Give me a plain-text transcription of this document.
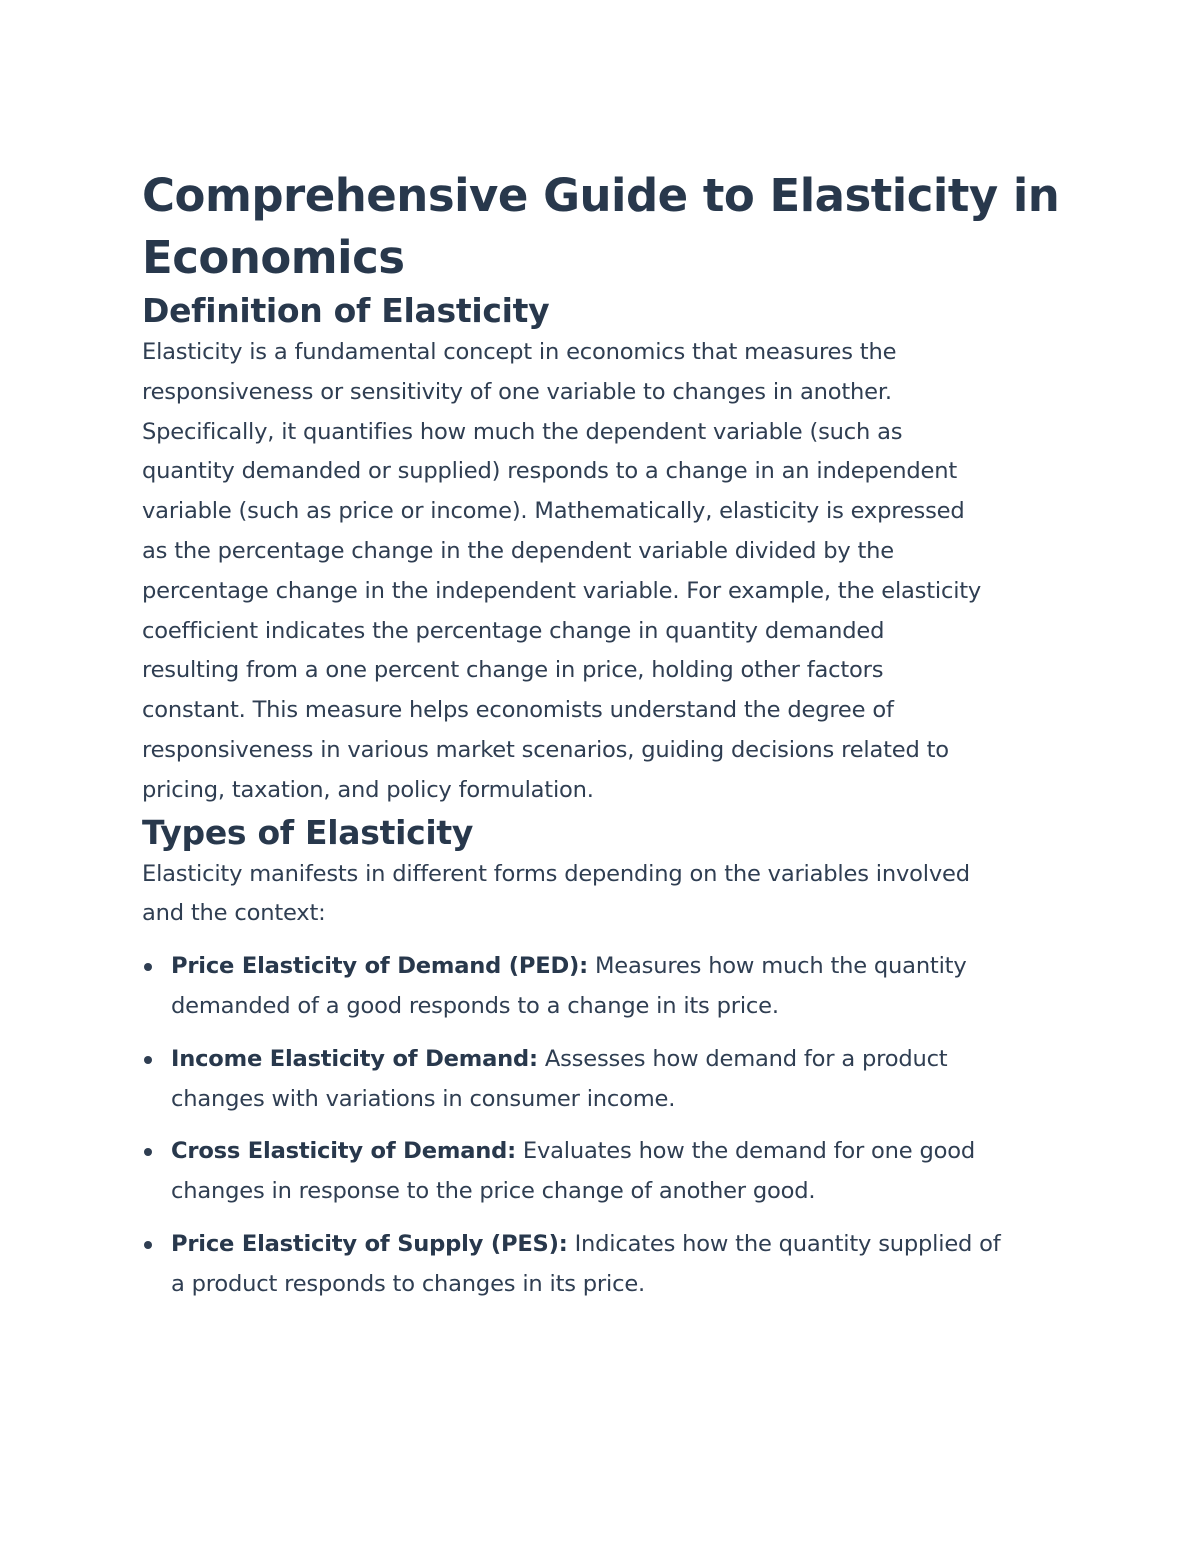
Comprehensive Guide to Elasticity in
Economics
Definition of Elasticity

Elasticity is a fundamental concept in economics that measures the
responsiveness or sensitivity of one variable to changes in another.
Specifically, it quantifies how much the dependent variable (such as
quantity demanded or supplied) responds to a change in an independent
variable (such as price or income). Mathematically, elasticity is expressed
as the percentage change in the dependent variable divided by the
percentage change in the independent variable. For example, the elasticity
coefficient indicates the percentage change in quantity demanded
resulting from a one percent change in price, holding other factors
constant. This measure helps economists understand the degree of
responsiveness in various market scenarios, guiding decisions related to
pricing, taxation, and policy formulation.

Types of Elasticity

Elasticity manifests in different forms depending on the variables involved
and the context:

Price Elasticity of Demand (PED): Measures how much the quantity
demanded of a good responds to a change in its price.
Income Elasticity of Demand: Assesses how demand for a product
changes with variations in consumer income.
Cross Elasticity of Demand: Evaluates how the demand for one good
changes in response to the price change of another good.
Price Elasticity of Supply (PES): Indicates how the quantity supplied of
a product responds to changes in its price.
